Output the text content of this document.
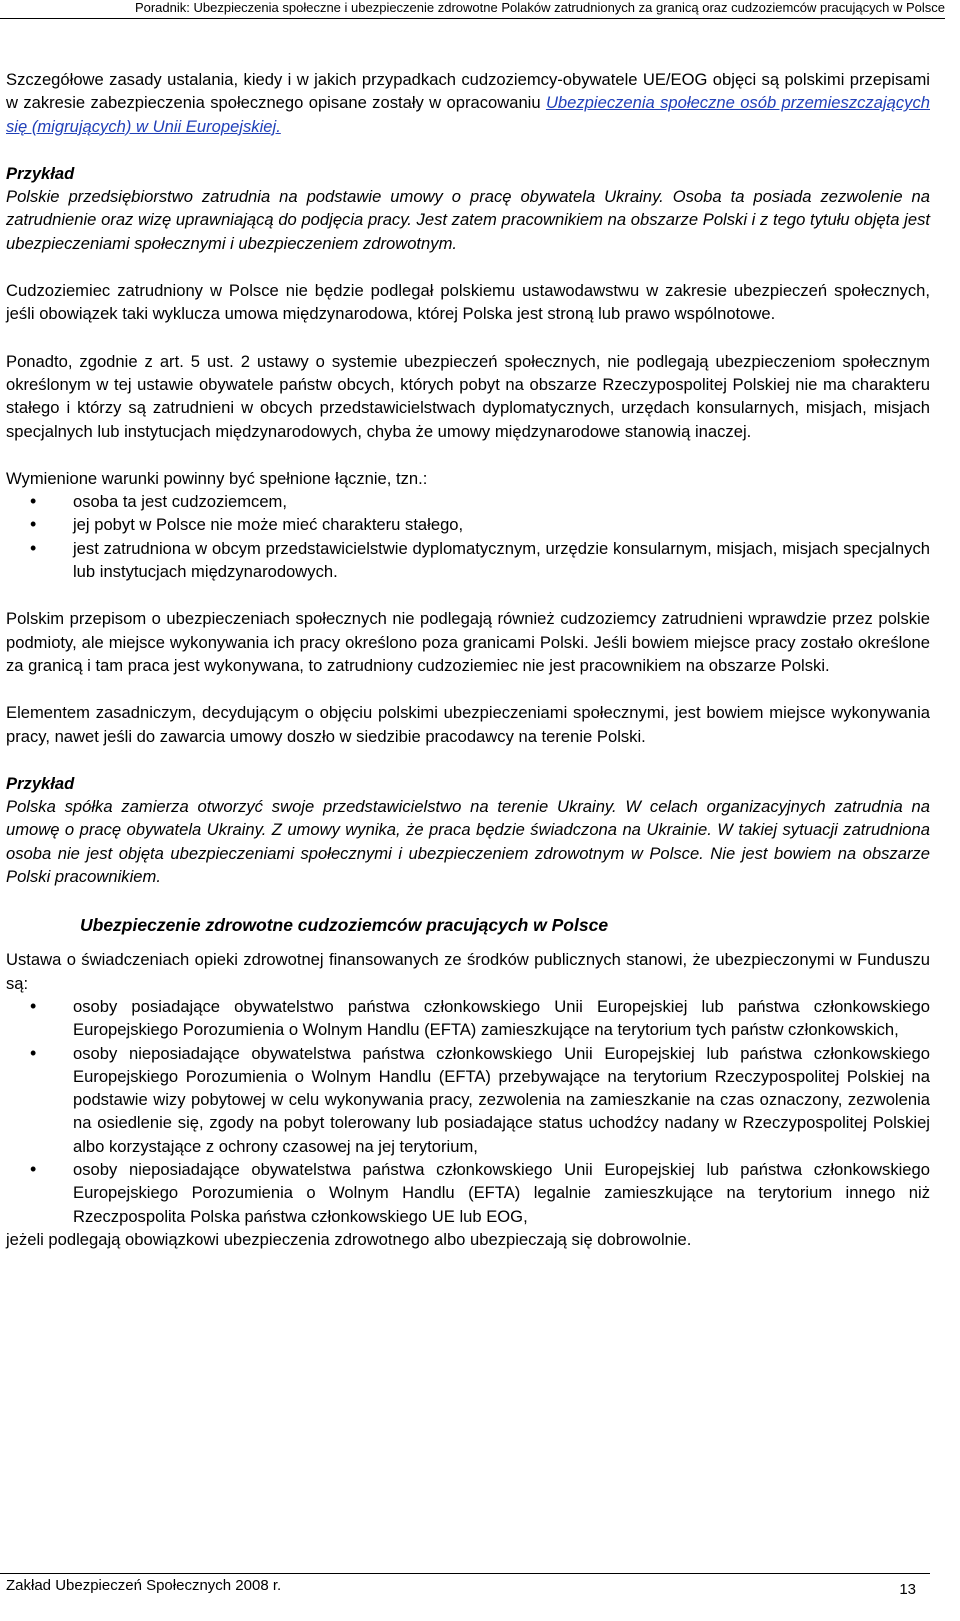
Poradnik: Ubezpieczenia społeczne i ubezpieczenie zdrowotne Polaków zatrudnionych za granicą oraz cudzoziemców pracujących w Polsce

Szczegółowe zasady ustalania, kiedy i w jakich przypadkach cudzoziemcy-obywatele UE/EOG objęci są polskimi przepisami w zakresie zabezpieczenia społecznego opisane zostały w opracowaniu Ubezpieczenia społeczne osób przemieszczających się (migrujących) w Unii Europejskiej.

Przykład
Polskie przedsiębiorstwo zatrudnia na podstawie umowy o pracę obywatela Ukrainy. Osoba ta posiada zezwolenie na zatrudnienie oraz wizę uprawniającą do podjęcia pracy. Jest zatem pracownikiem na obszarze Polski i z tego tytułu objęta jest ubezpieczeniami społecznymi i ubezpieczeniem zdrowotnym.

Cudzoziemiec zatrudniony w Polsce nie będzie podlegał polskiemu ustawodawstwu w zakresie ubezpieczeń społecznych, jeśli obowiązek taki wyklucza umowa międzynarodowa, której Polska jest stroną lub prawo wspólnotowe.

Ponadto, zgodnie z art. 5 ust. 2 ustawy o systemie ubezpieczeń społecznych, nie podlegają ubezpieczeniom społecznym określonym w tej ustawie obywatele państw obcych, których pobyt na obszarze Rzeczypospolitej Polskiej nie ma charakteru stałego i którzy są zatrudnieni w obcych przedstawicielstwach dyplomatycznych, urzędach konsularnych, misjach, misjach specjalnych lub instytucjach międzynarodowych, chyba że umowy międzynarodowe stanowią inaczej.

Wymienione warunki powinny być spełnione łącznie, tzn.:

• osoba ta jest cudzoziemcem,
• jej pobyt w Polsce nie może mieć charakteru stałego,
• jest zatrudniona w obcym przedstawicielstwie dyplomatycznym, urzędzie konsularnym, misjach, misjach specjalnych lub instytucjach międzynarodowych.

Polskim przepisom o ubezpieczeniach społecznych nie podlegają również cudzoziemcy zatrudnieni wprawdzie przez polskie podmioty, ale miejsce wykonywania ich pracy określono poza granicami Polski. Jeśli bowiem miejsce pracy zostało określone za granicą i tam praca jest wykonywana, to zatrudniony cudzoziemiec nie jest pracownikiem na obszarze Polski.

Elementem zasadniczym, decydującym o objęciu polskimi ubezpieczeniami społecznymi, jest bowiem miejsce wykonywania pracy, nawet jeśli do zawarcia umowy doszło w siedzibie pracodawcy na terenie Polski.

Przykład
Polska spółka zamierza otworzyć swoje przedstawicielstwo na terenie Ukrainy. W celach organizacyjnych zatrudnia na umowę o pracę obywatela Ukrainy. Z umowy wynika, że praca będzie świadczona na Ukrainie. W takiej sytuacji zatrudniona osoba nie jest objęta ubezpieczeniami społecznymi i ubezpieczeniem zdrowotnym w Polsce. Nie jest bowiem na obszarze Polski pracownikiem.

Ubezpieczenie zdrowotne cudzoziemców pracujących w Polsce

Ustawa o świadczeniach opieki zdrowotnej finansowanych ze środków publicznych stanowi, że ubezpieczonymi w Funduszu są:

• osoby posiadające obywatelstwo państwa członkowskiego Unii Europejskiej lub państwa członkowskiego Europejskiego Porozumienia o Wolnym Handlu (EFTA) zamieszkujące na terytorium tych państw członkowskich,
• osoby nieposiadające obywatelstwa państwa członkowskiego Unii Europejskiej lub państwa członkowskiego Europejskiego Porozumienia o Wolnym Handlu (EFTA) przebywające na terytorium Rzeczypospolitej Polskiej na podstawie wizy pobytowej w celu wykonywania pracy, zezwolenia na zamieszkanie na czas oznaczony, zezwolenia na osiedlenie się, zgody na pobyt tolerowany lub posiadające status uchodźcy nadany w Rzeczypospolitej Polskiej albo korzystające z ochrony czasowej na jej terytorium,
• osoby nieposiadające obywatelstwa państwa członkowskiego Unii Europejskiej lub państwa członkowskiego Europejskiego Porozumienia o Wolnym Handlu (EFTA) legalnie zamieszkujące na terytorium innego niż Rzeczpospolita Polska państwa członkowskiego UE lub EOG,

jeżeli podlegają obowiązkowi ubezpieczenia zdrowotnego albo ubezpieczają się dobrowolnie.

Zakład Ubezpieczeń Społecznych 2008 r.	13
